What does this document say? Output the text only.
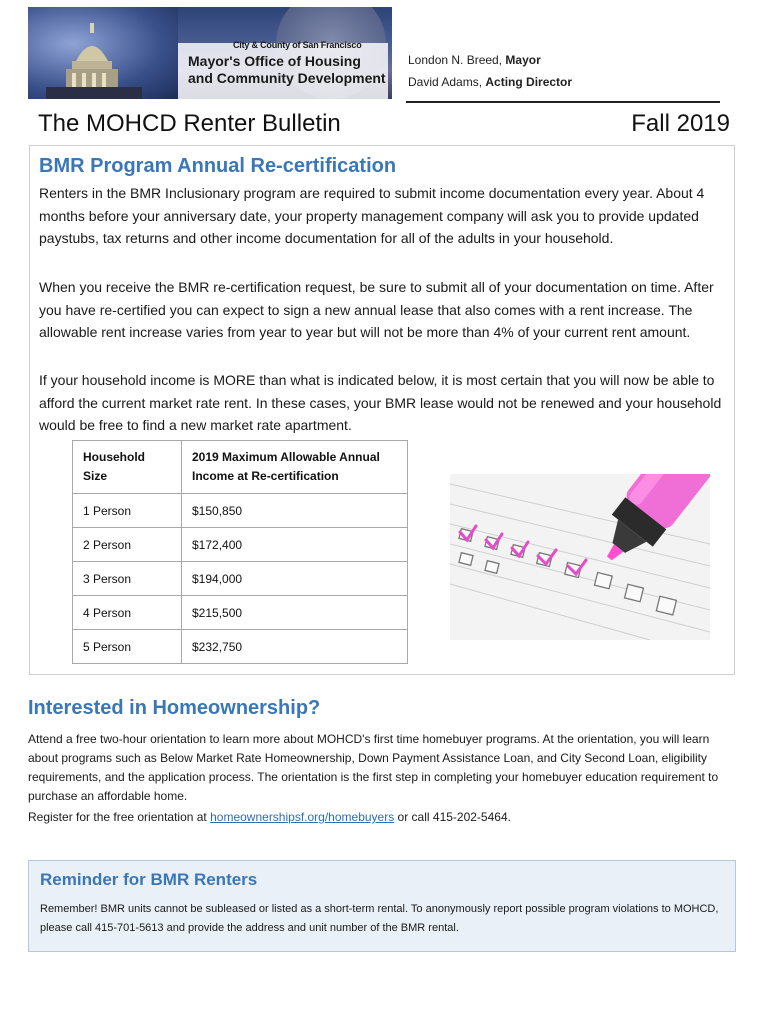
City & County of San Francisco
Mayor's Office of Housing
and Community Development
London N. Breed, Mayor
David Adams, Acting Director
The MOHCD Renter Bulletin	Fall 2019
BMR Program Annual Re-certification

Renters in the BMR Inclusionary program are required to submit income documentation every year. About 4 months before your anniversary date, your property management company will ask you to provide updated paystubs, tax returns and other income documentation for all of the adults in your household.

When you receive the BMR re-certification request, be sure to submit all of your documentation on time. After you have re-certified you can expect to sign a new annual lease that also comes with a rent increase. The allowable rent increase varies from year to year but will not be more than 4% of your current rent amount.

If your household income is MORE than what is indicated below, it is most certain that you will now be able to afford the current market rate rent. In these cases, your BMR lease would not be renewed and your household would be free to find a new market rate apartment.

Household Size	2019 Maximum Allowable Annual Income at Re-certification
1 Person	$150,850
2 Person	$172,400
3 Person	$194,000
4 Person	$215,500
5 Person	$232,750
Interested in Homeownership?

Attend a free two-hour orientation to learn more about MOHCD's first time homebuyer programs. At the orientation, you will learn about programs such as Below Market Rate Homeownership, Down Payment Assistance Loan, and City Second Loan, eligibility requirements, and the application process. The orientation is the first step in completing your homebuyer education requirement to purchase an affordable home.

Register for the free orientation at homeownershipsf.org/homebuyers or call 415-202-5464.

Reminder for BMR Renters

Remember! BMR units cannot be subleased or listed as a short-term rental. To anonymously report possible program violations to MOHCD, please call 415-701-5613 and provide the address and unit number of the BMR rental.
